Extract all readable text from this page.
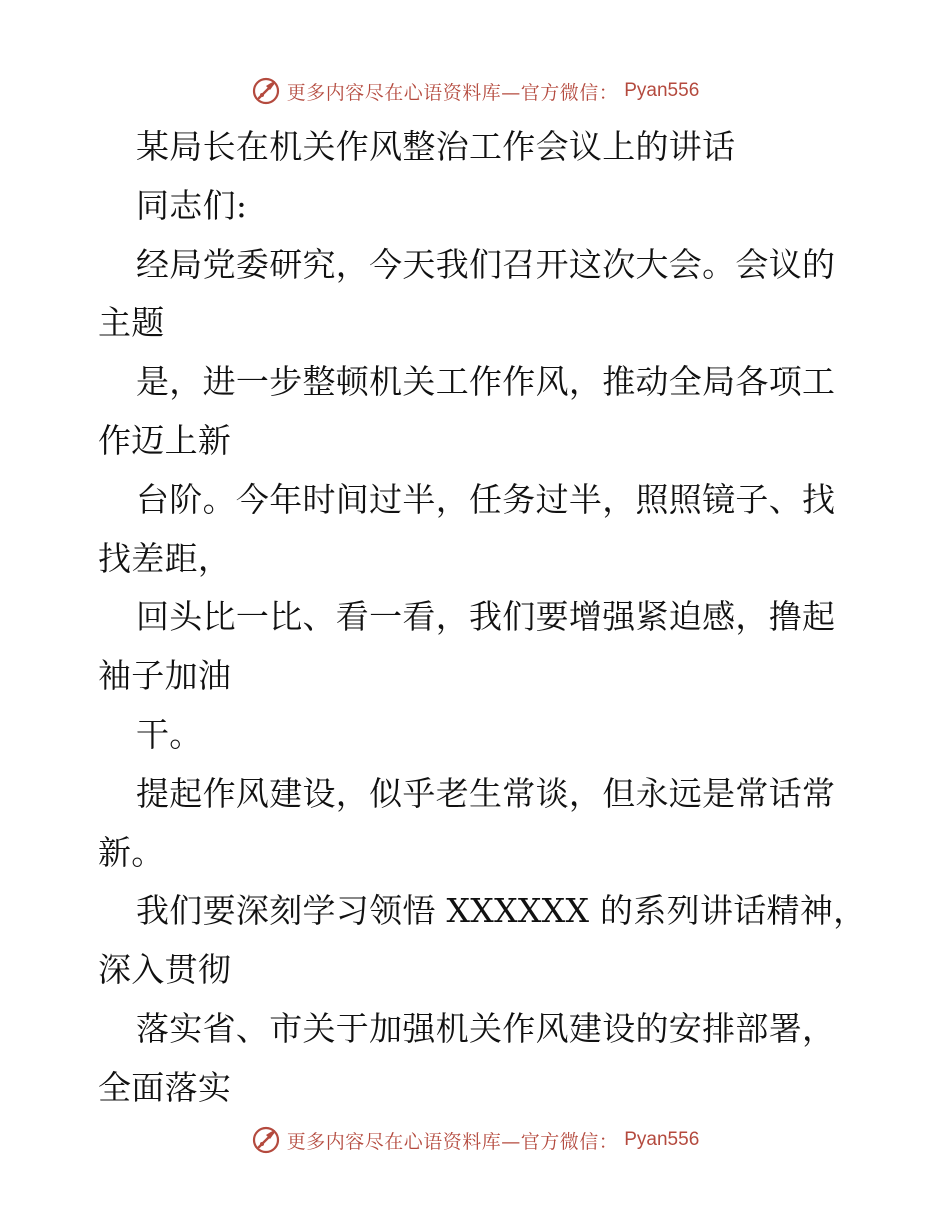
更多内容尽在心语资料库—官方微信： Pyan556
某局长在机关作风整治工作会议上的讲话
同志们:
经局党委研究，今天我们召开这次大会。会议的
主题
是，进一步整顿机关工作作风，推动全局各项工
作迈上新
台阶。今年时间过半，任务过半，照照镜子、找
找差距，
回头比一比、看一看，我们要增强紧迫感，撸起
袖子加油
干。
提起作风建设，似乎老生常谈，但永远是常话常
新。
我们要深刻学习领悟 XXXXXX 的系列讲话精神，
深入贯彻
落实省、市关于加强机关作风建设的安排部署，
全面落实
更多内容尽在心语资料库—官方微信： Pyan556
